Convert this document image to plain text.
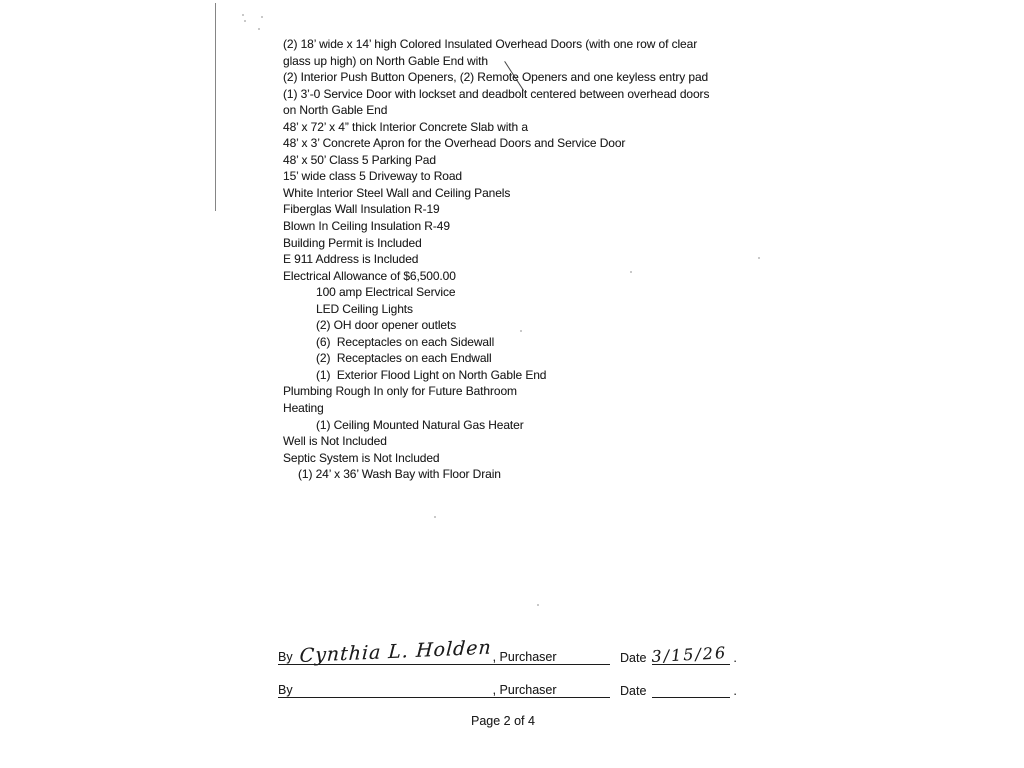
(2) 18’ wide x 14’ high Colored Insulated Overhead Doors (with one row of clear
glass up high) on North Gable End with
(2) Interior Push Button Openers, (2) Remote Openers and one keyless entry pad
(1) 3’-0 Service Door with lockset and deadbolt centered between overhead doors
on North Gable End
48’ x 72’ x 4” thick Interior Concrete Slab with a
48’ x 3’ Concrete Apron for the Overhead Doors and Service Door
48’ x 50’ Class 5 Parking Pad
15’ wide class 5 Driveway to Road
White Interior Steel Wall and Ceiling Panels
Fiberglas Wall Insulation R-19
Blown In Ceiling Insulation R-49
Building Permit is Included
E 911 Address is Included
Electrical Allowance of $6,500.00
100 amp Electrical Service
LED Ceiling Lights
(2) OH door opener outlets
(6)  Receptacles on each Sidewall
(2)  Receptacles on each Endwall
(1)  Exterior Flood Light on North Gable End
Plumbing Rough In only for Future Bathroom
Heating
(1) Ceiling Mounted Natural Gas Heater
Well is Not Included
Septic System is Not Included
(1) 24’ x 36’ Wash Bay with Floor Drain
By Cynthia L. Holden , Purchaser	Date 3/15/26 .
By	, Purchaser	Date	.
Page 2 of 4
